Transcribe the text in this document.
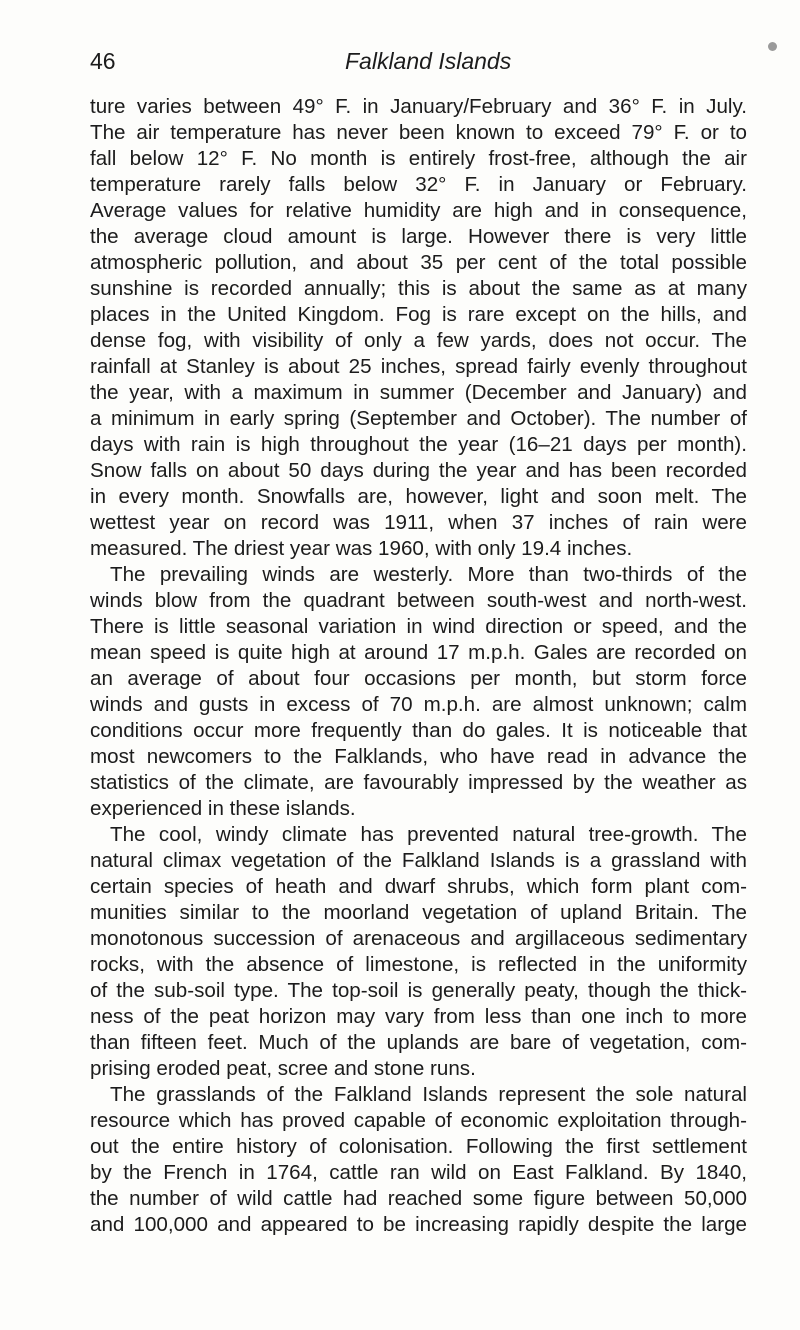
46	Falkland Islands
ture varies between 49° F. in January/February and 36° F. in July.
The air temperature has never been known to exceed 79° F. or to
fall below 12° F. No month is entirely frost-free, although the air
temperature rarely falls below 32° F. in January or February.
Average values for relative humidity are high and in consequence,
the average cloud amount is large. However there is very little
atmospheric pollution, and about 35 per cent of the total possible
sunshine is recorded annually; this is about the same as at many
places in the United Kingdom. Fog is rare except on the hills, and
dense fog, with visibility of only a few yards, does not occur. The
rainfall at Stanley is about 25 inches, spread fairly evenly throughout
the year, with a maximum in summer (December and January) and
a minimum in early spring (September and October). The number of
days with rain is high throughout the year (16–21 days per month).
Snow falls on about 50 days during the year and has been recorded
in every month. Snowfalls are, however, light and soon melt. The
wettest year on record was 1911, when 37 inches of rain were
measured. The driest year was 1960, with only 19.4 inches.
The prevailing winds are westerly. More than two-thirds of the
winds blow from the quadrant between south-west and north-west.
There is little seasonal variation in wind direction or speed, and the
mean speed is quite high at around 17 m.p.h. Gales are recorded on
an average of about four occasions per month, but storm force
winds and gusts in excess of 70 m.p.h. are almost unknown; calm
conditions occur more frequently than do gales. It is noticeable that
most newcomers to the Falklands, who have read in advance the
statistics of the climate, are favourably impressed by the weather as
experienced in these islands.
The cool, windy climate has prevented natural tree-growth. The
natural climax vegetation of the Falkland Islands is a grassland with
certain species of heath and dwarf shrubs, which form plant com-
munities similar to the moorland vegetation of upland Britain. The
monotonous succession of arenaceous and argillaceous sedimentary
rocks, with the absence of limestone, is reflected in the uniformity
of the sub-soil type. The top-soil is generally peaty, though the thick-
ness of the peat horizon may vary from less than one inch to more
than fifteen feet. Much of the uplands are bare of vegetation, com-
prising eroded peat, scree and stone runs.
The grasslands of the Falkland Islands represent the sole natural
resource which has proved capable of economic exploitation through-
out the entire history of colonisation. Following the first settlement
by the French in 1764, cattle ran wild on East Falkland. By 1840,
the number of wild cattle had reached some figure between 50,000
and 100,000 and appeared to be increasing rapidly despite the large
